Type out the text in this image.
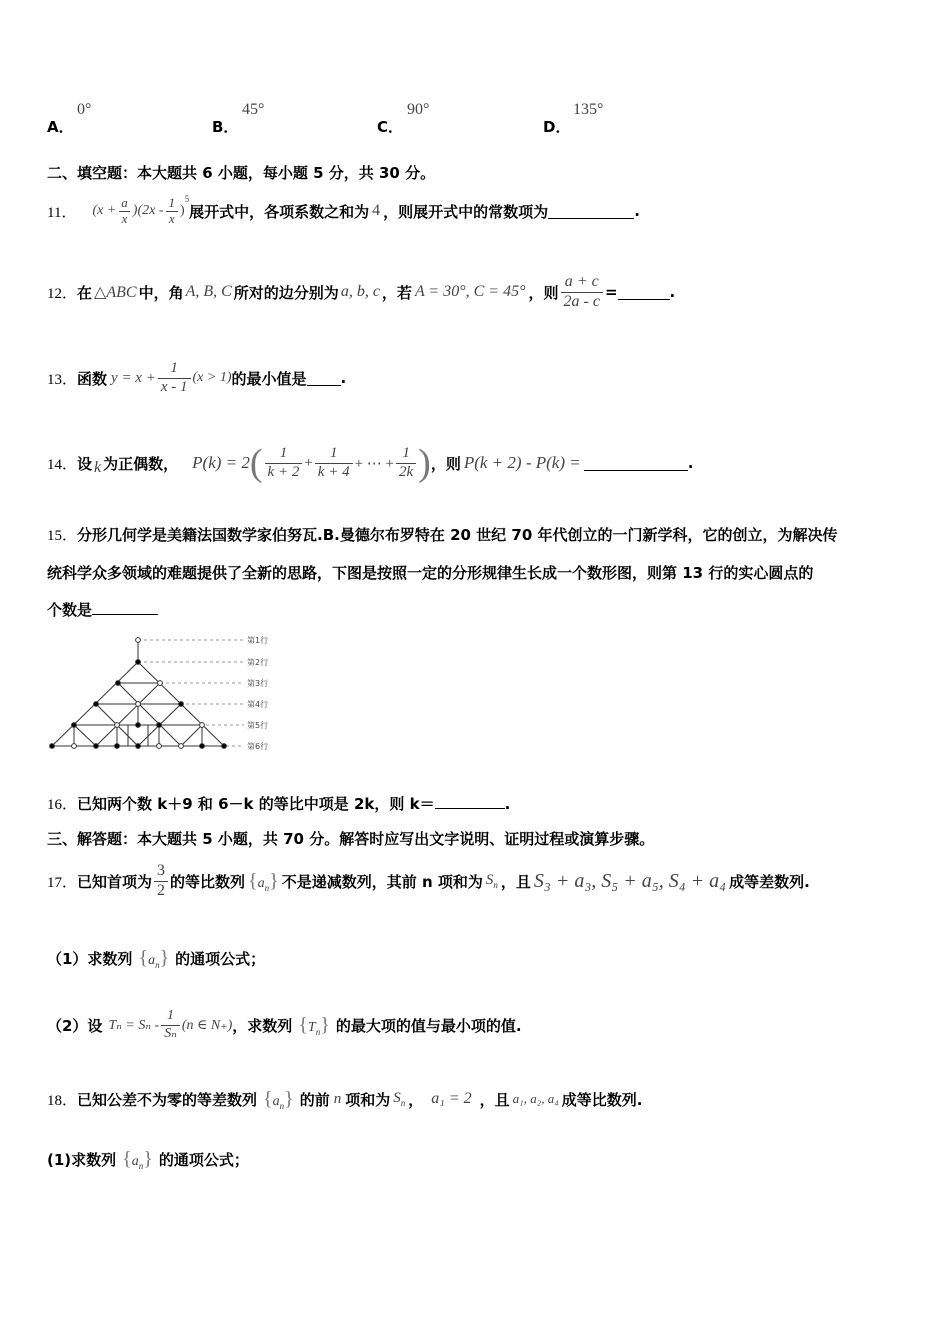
A．
0°
B．
45°
C．
90°
D．
135°
二、填空题：本大题共 6 小题，每小题 5 分，共 30 分。
11． $(x + \frac{a}{x} )(2x - \frac{1}{x}$ )
$^5$
展开式中，各项系数之和为 4 ，则展开式中的常数项为	.
12． 在 △ABC 中，角 A, B, C 所对的边分别为 a, b, c ，若 A = 30°, C = 45° ，则 $\frac{a + c}{2a - c}$ =	.
13． 函数 $y = x + \frac{1}{x - 1} (x > 1)$ 的最小值是 .
14． 设 k 为正偶数， P(k) = 2 ( $\frac{1}{k + 2} + \frac{1}{k + 4}$ + ⋯ + $\frac{1}{2k}$ ) ，则 P(k + 2) - P(k) =	.
15．分形几何学是美籍法国数学家伯努瓦.B.曼德尔布罗特在 20 世纪 70 年代创立的一门新学科，它的创立，为解决传
统科学众多领域的难题提供了全新的思路，下图是按照一定的分形规律生长成一个数形图，则第 13 行的实心圆点的
个数是
第1行
第2行
第3行
第4行
第5行
第6行
16．已知两个数 k＋9 和 6－k 的等比中项是 2k，则 k＝	.
三、解答题：本大题共 5 小题，共 70 分。解答时应写出文字说明、证明过程或演算步骤。
17． 已知首项为 $\frac{3}{2}$ 的等比数列 $\{a_n\}$ 不是递减数列，其前 n 项和为 $S_n$ ，且 S₃ + a₃, S₅ + a₅, S₄ + a₄ 成等差数列.
（1）求数列 $\{a_n\}$ 的通项公式；
（2）设 $T_n = S_n - \frac{1}{\text{Sₙ}} (n$ ∈ N₊) ，求数列 $\{T_n\}$ 的最大项的值与最小项的值.
18． 已知公差不为零的等差数列 $\{a_n\}$ 的前 n 项和为 $S_n$ ， a₁ = 2 ，且 a₁, a₂, a₄ 成等比数列.
(1)求数列 $\{a_n\}$ 的通项公式；
